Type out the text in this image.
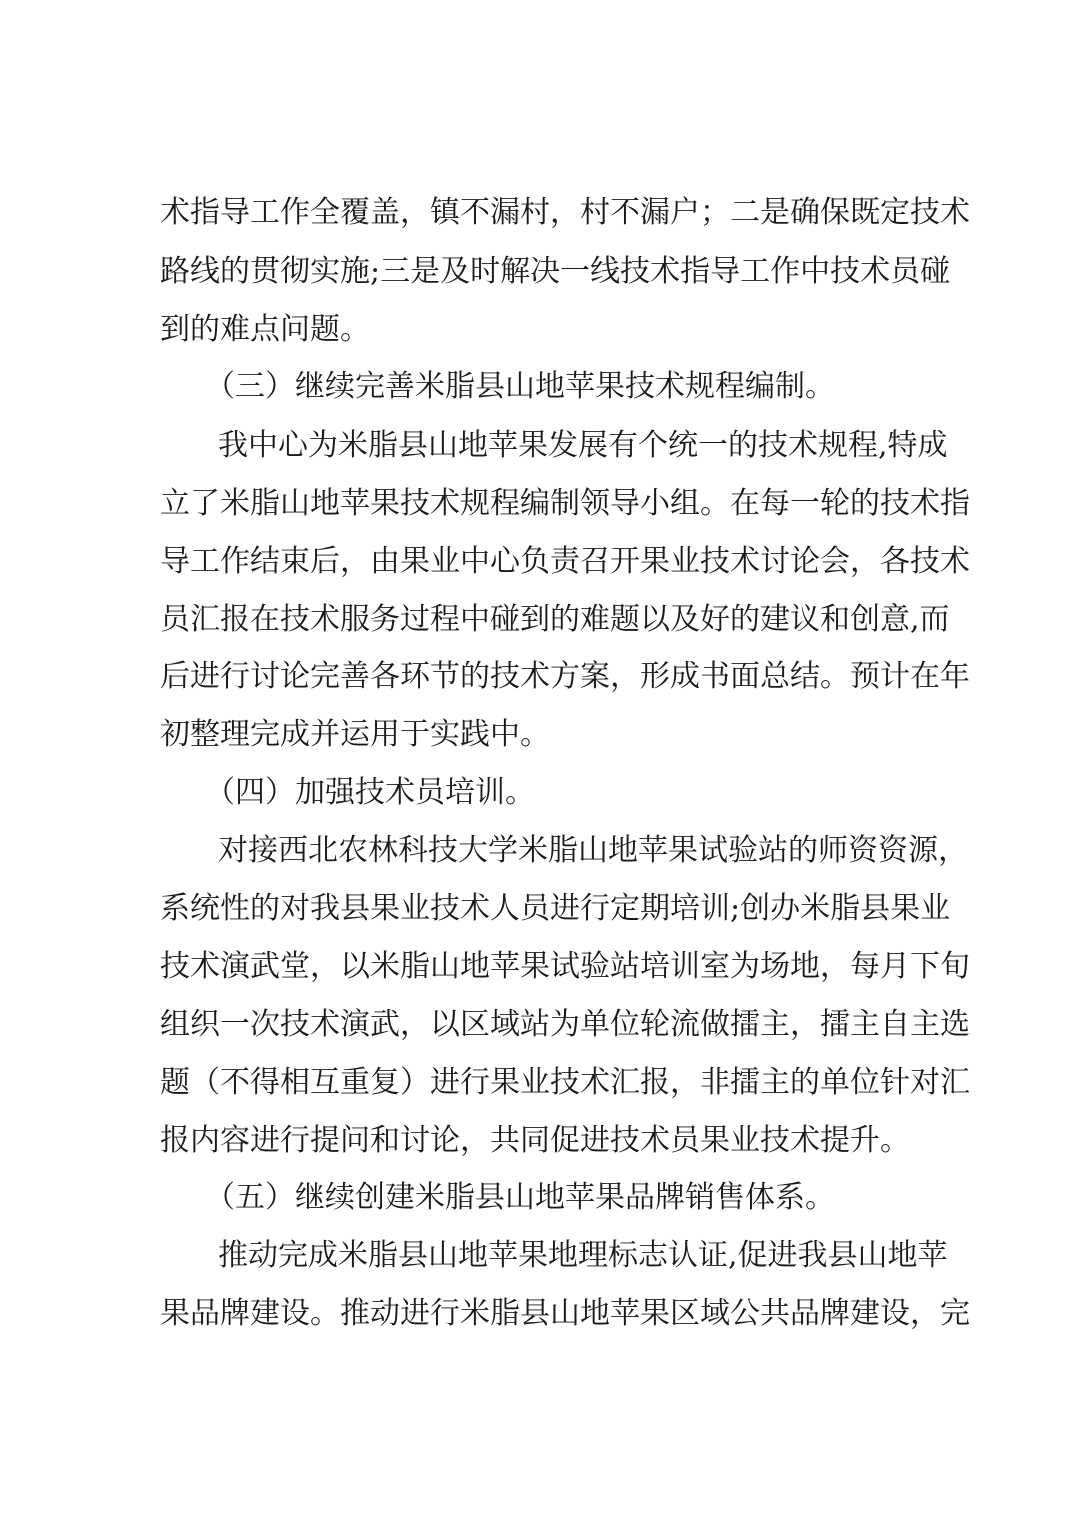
术指导工作全覆盖，镇不漏村，村不漏户；二是确保既定技术
路线的贯彻实施;三是及时解决一线技术指导工作中技术员碰
到的难点问题。
（三）继续完善米脂县山地苹果技术规程编制。
我中心为米脂县山地苹果发展有个统一的技术规程,特成
立了米脂山地苹果技术规程编制领导小组。在每一轮的技术指
导工作结束后，由果业中心负责召开果业技术讨论会，各技术
员汇报在技术服务过程中碰到的难题以及好的建议和创意,而
后进行讨论完善各环节的技术方案，形成书面总结。预计在年
初整理完成并运用于实践中。
（四）加强技术员培训。
对接西北农林科技大学米脂山地苹果试验站的师资资源，
系统性的对我县果业技术人员进行定期培训;创办米脂县果业
技术演武堂，以米脂山地苹果试验站培训室为场地，每月下旬
组织一次技术演武，以区域站为单位轮流做擂主，擂主自主选
题（不得相互重复）进行果业技术汇报，非擂主的单位针对汇
报内容进行提问和讨论，共同促进技术员果业技术提升。
（五）继续创建米脂县山地苹果品牌销售体系。
推动完成米脂县山地苹果地理标志认证,促进我县山地苹
果品牌建设。推动进行米脂县山地苹果区域公共品牌建设，完
